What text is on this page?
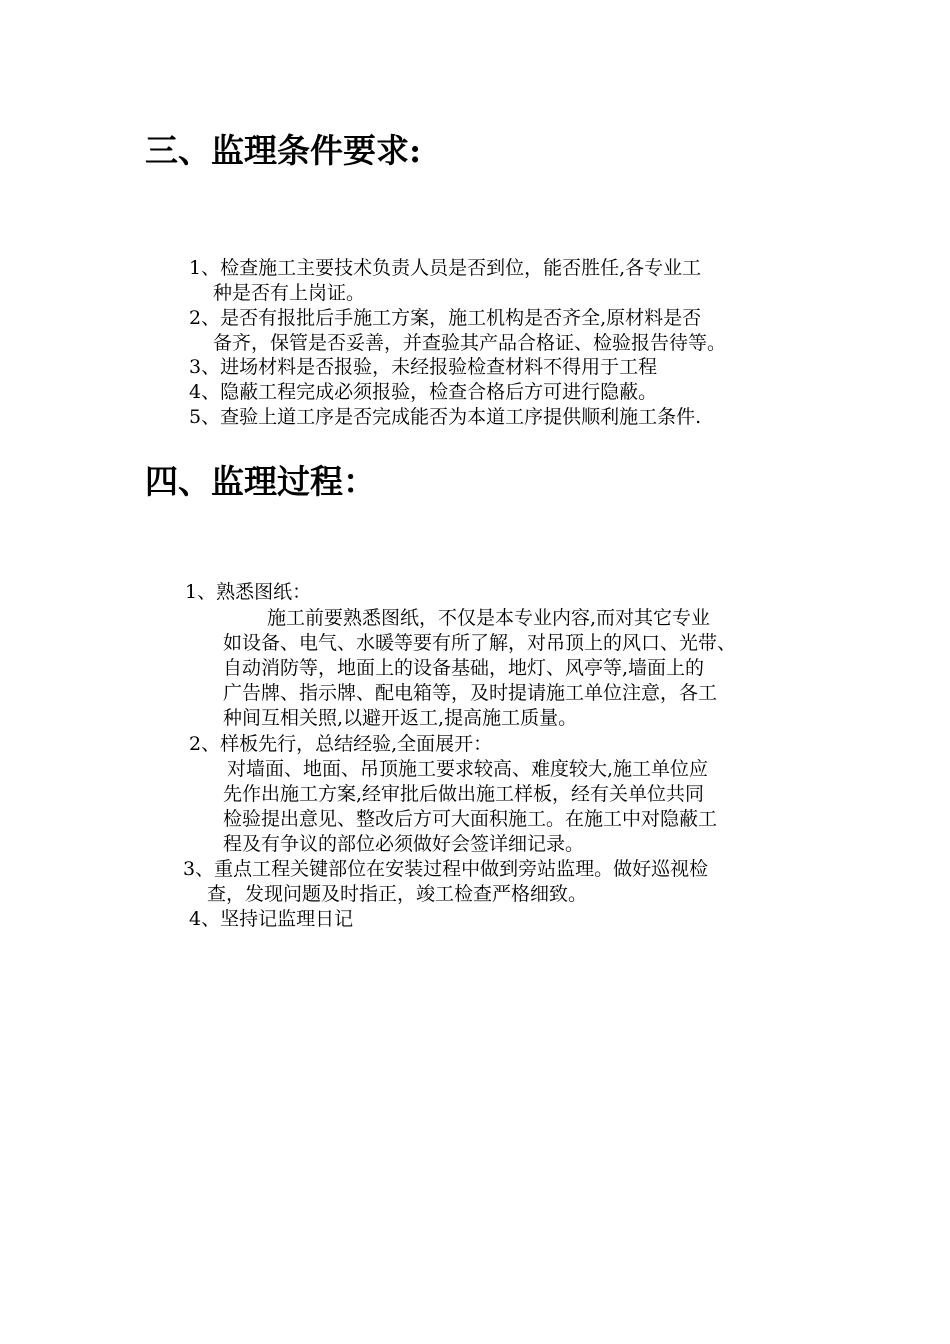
三、监理条件要求:

1、检查施工主要技术负责人员是否到位，能否胜任,各专业工

种是否有上岗证。

2、是否有报批后手施工方案，施工机构是否齐全,原材料是否

备齐，保管是否妥善，并查验其产品合格证、检验报告待等。

3、进场材料是否报验，未经报验检查材料不得用于工程

4、隐蔽工程完成必须报验，检查合格后方可进行隐蔽。

5、查验上道工序是否完成能否为本道工序提供顺利施工条件.

四、监理过程：

1、熟悉图纸：

施工前要熟悉图纸，不仅是本专业内容,而对其它专业

如设备、电气、水暖等要有所了解，对吊顶上的风口、光带、

自动消防等，地面上的设备基础，地灯、风亭等,墙面上的

广告牌、指示牌、配电箱等，及时提请施工单位注意，各工

种间互相关照,以避开返工,提高施工质量。

2、样板先行，总结经验,全面展开：

对墙面、地面、吊顶施工要求较高、难度较大,施工单位应

先作出施工方案,经审批后做出施工样板，经有关单位共同

检验提出意见、整改后方可大面积施工。在施工中对隐蔽工

程及有争议的部位必须做好会签详细记录。

3、重点工程关键部位在安装过程中做到旁站监理。做好巡视检

查，发现问题及时指正，竣工检查严格细致。

4、坚持记监理日记
